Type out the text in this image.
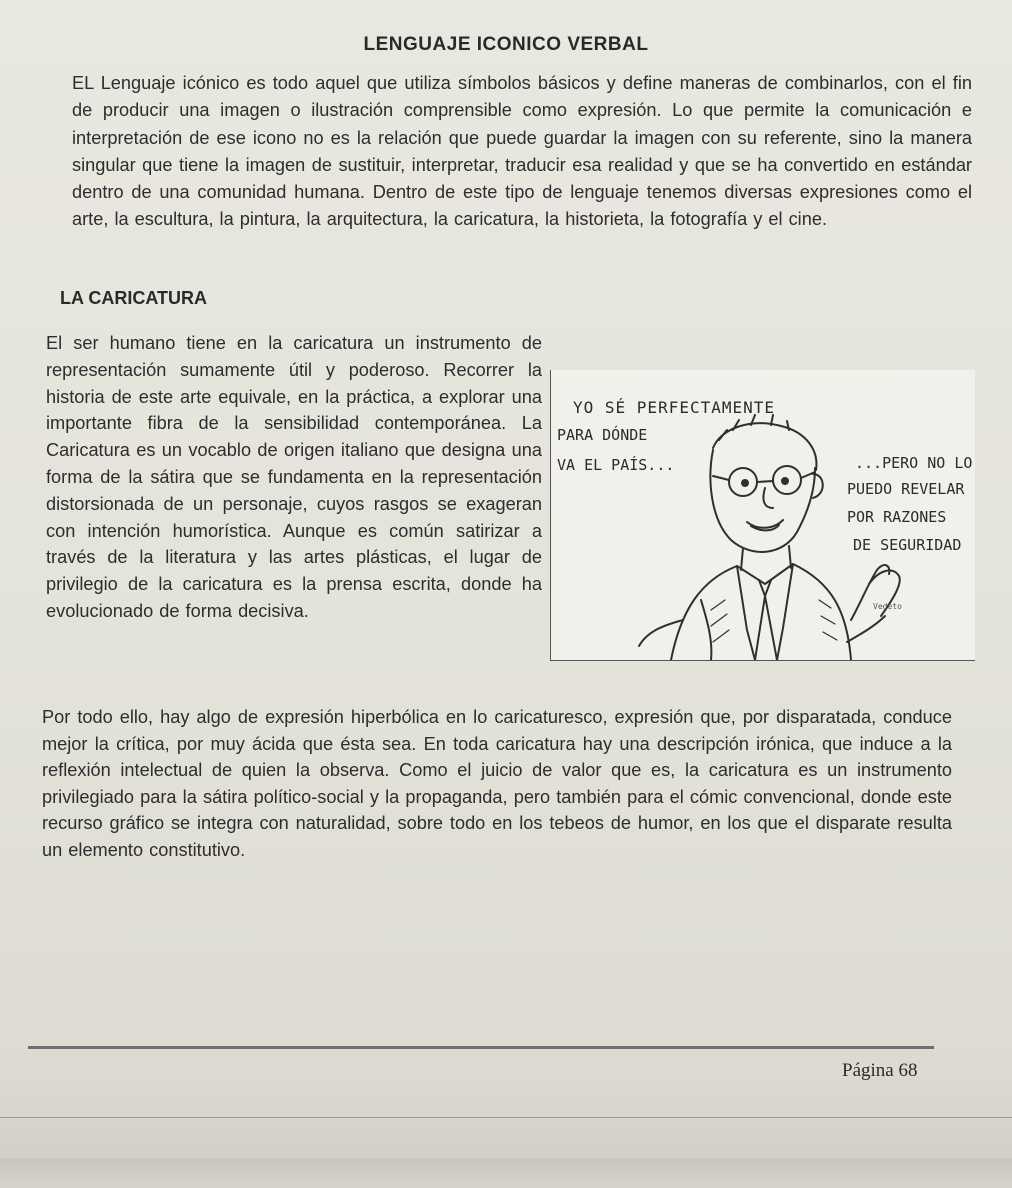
LENGUAJE ICONICO VERBAL

EL Lenguaje icónico es todo aquel que utiliza símbolos básicos y define maneras de combinarlos, con el fin de producir una imagen o ilustración comprensible como expresión. Lo que permite la comunicación e interpretación de ese icono no es la relación que puede guardar la imagen con su referente, sino la manera singular que tiene la imagen de sustituir, interpretar, traducir esa realidad y que se ha convertido en estándar dentro de una comunidad humana. Dentro de este tipo de lenguaje tenemos diversas expresiones como el arte, la escultura, la pintura, la arquitectura, la caricatura, la historieta, la fotografía y el cine.

LA CARICATURA

El ser humano tiene en la caricatura un instrumento de representación sumamente útil y poderoso. Recorrer la historia de este arte equivale, en la práctica, a explorar una importante fibra de la sensibilidad contemporánea. La Caricatura es un vocablo de origen italiano que designa una forma de la sátira que se fundamenta en la representación distorsionada de un personaje, cuyos rasgos se exageran con intención humorística. Aunque es común satirizar a través de la literatura y las artes plásticas, el lugar de privilegio de la caricatura es la prensa escrita, donde ha evolucionado de forma decisiva.

YO SÉ PERFECTAMENTE
PARA DÓNDE
VA EL PAÍS...	...PERO NO LO
PUEDO REVELAR
POR RAZONES
DE SEGURIDAD
Vedeto

Por todo ello, hay algo de expresión hiperbólica en lo caricaturesco, expresión que, por disparatada, conduce mejor la crítica, por muy ácida que ésta sea. En toda caricatura hay una descripción irónica, que induce a la reflexión intelectual de quien la observa. Como el juicio de valor que es, la caricatura es un instrumento privilegiado para la sátira político-social y la propaganda, pero también para el cómic convencional, donde este recurso gráfico se integra con naturalidad, sobre todo en los tebeos de humor, en los que el disparate resulta un elemento constitutivo.

Página 68
